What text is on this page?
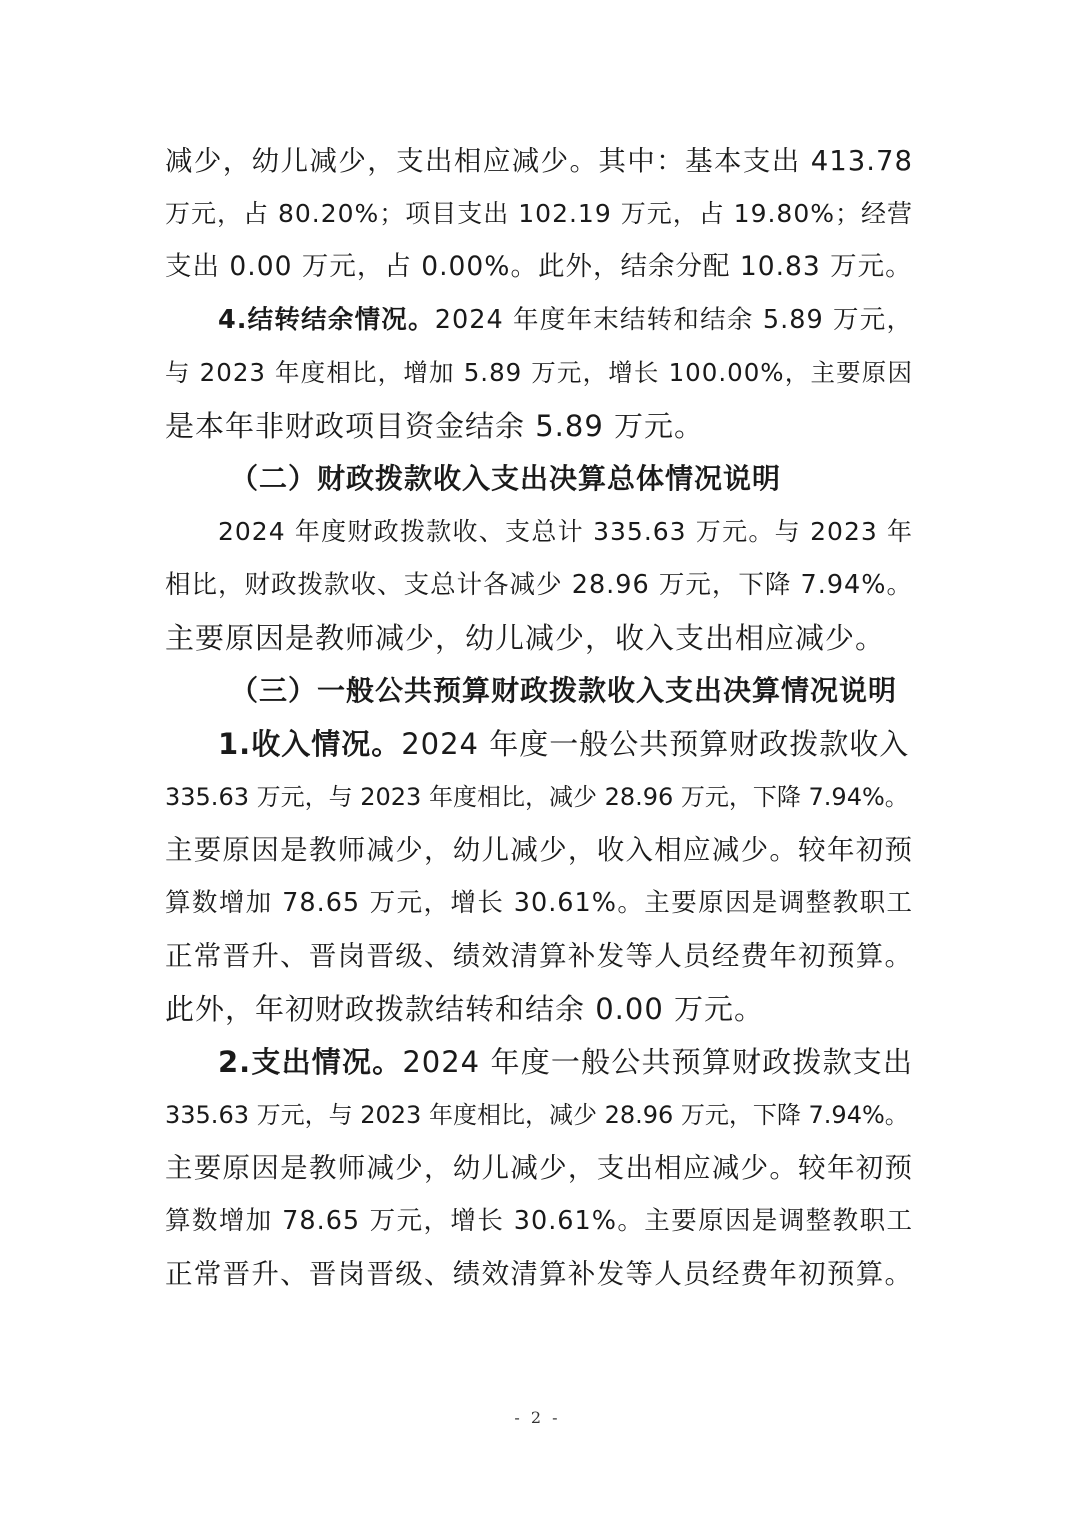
减少，幼儿减少，支出相应减少。其中：基本支出 413.78
万元，占 80.20%；项目支出 102.19 万元，占 19.80%；经营
支出 0.00 万元，占 0.00%。此外，结余分配 10.83 万元。
4.结转结余情况。2024 年度年末结转和结余 5.89 万元，
与 2023 年度相比，增加 5.89 万元，增长 100.00%，主要原因
是本年非财政项目资金结余 5.89 万元。
（二）财政拨款收入支出决算总体情况说明
2024 年度财政拨款收、支总计 335.63 万元。与 2023 年
相比，财政拨款收、支总计各减少 28.96 万元，下降 7.94%。
主要原因是教师减少，幼儿减少，收入支出相应减少。
（三）一般公共预算财政拨款收入支出决算情况说明
1.收入情况。2024 年度一般公共预算财政拨款收入
335.63 万元，与 2023 年度相比，减少 28.96 万元，下降 7.94%。
主要原因是教师减少，幼儿减少，收入相应减少。较年初预
算数增加 78.65 万元，增长 30.61%。主要原因是调整教职工
正常晋升、晋岗晋级、绩效清算补发等人员经费年初预算。
此外，年初财政拨款结转和结余 0.00 万元。
2.支出情况。2024 年度一般公共预算财政拨款支出
335.63 万元，与 2023 年度相比，减少 28.96 万元，下降 7.94%。
主要原因是教师减少，幼儿减少，支出相应减少。较年初预
算数增加 78.65 万元，增长 30.61%。主要原因是调整教职工
正常晋升、晋岗晋级、绩效清算补发等人员经费年初预算。
- 2 -
